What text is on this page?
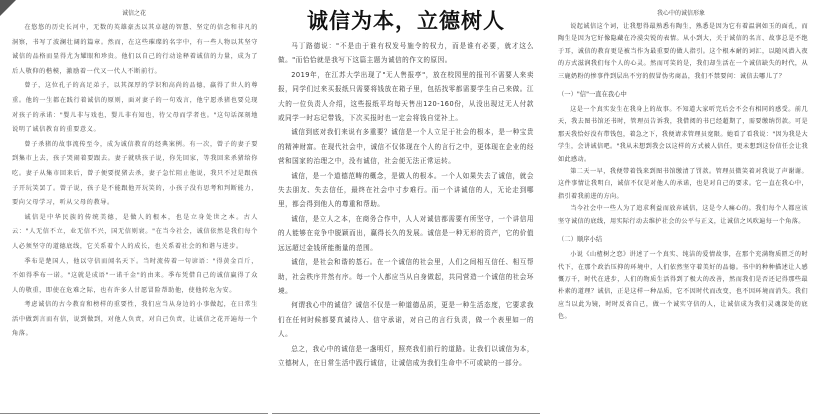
诚信之花

在悠悠的历史长河中，无数的英雄豪杰以其卓越的智慧、坚定的信念和非凡的洞察，书写了波澜壮阔的篇章。然而，在这些璀璨的名字中，有一些人物以其坚守诚信的品格而显得尤为耀眼和珍贵。他们以自己的行动诠释着诚信的力量，成为了后人敬仰的楷模，激励着一代又一代人不断前行。

曾子，这位孔子的高足弟子，以其深厚的学识和高尚的品德，赢得了世人的尊重。他的一生都在践行着诚信的原则，面对妻子的一句戏言，他宁愿杀猪也要兑现对孩子的承诺："婴儿非与戏也，婴儿非有知也，待父母而学者也。"这句话深刻地说明了诚信教育的重要意义。

曾子杀猪的故事流传至今，成为诚信教育的经典案例。有一次，曾子的妻子要到集市上去，孩子哭闹着要跟去。妻子就哄孩子说，你先回家，等我回来杀猪给你吃。妻子从集市回来后，曾子便要捉猪去杀，妻子急忙阻止他说，我只不过是跟孩子开玩笑罢了。曾子说，孩子是不能跟他开玩笑的，小孩子没有思考和判断能力，要向父母学习，听从父母的教导。

诚信是中华民族的传统美德，是做人的根本，也是立身处世之本。古人云："人无信不立，业无信不兴，国无信则衰。"在当今社会，诚信依然是我们每个人必须坚守的道德底线，它关系着个人的成长，也关系着社会的和谐与进步。

季布是楚国人，他以守信而闻名天下。当时流传着一句谚语："得黄金百斤，不如得季布一诺。"这就是成语"一诺千金"的由来。季布凭借自己的诚信赢得了众人的敬重，即使在危难之际，也有许多人甘愿冒险帮助他，使他转危为安。

考虑诚信的古今教育和榜样的重要性，我们应当从身边的小事做起，在日常生活中做到言而有信，说到做到，对他人负责，对自己负责，让诚信之花开遍每一个角落。

诚信为本，立德树人

马丁路德说："不是由于谁有权发号施令的权力，而是谁有必要，就才这么做。"而恰恰就是我写下这篇主题为诚信的作文的原因。

2019年，在江苏大学出现了"无人售报亭"，放在校园里的报刊不需要人来卖报，同学们过来买报纸只需要将钱放在箱子里，包括找零都需要学生自己来做。江大的一位负责人介绍，这些报纸平均每天售出120-160份，从没出现过无人付款或同学一时忘记带钱，下次买报时也一定会将钱自觉补上。

诚信到底对我们来说有多重要？诚信是一个人立足于社会的根本，是一种宝贵的精神财富。在现代社会中，诚信不仅体现在个人的言行之中，更体现在企业的经营和国家的治理之中，没有诚信，社会便无法正常运转。

诚信，是一个道德范畴的概念，是做人的根本。一个人如果失去了诚信，就会失去朋友、失去信任，最终在社会中寸步难行。而一个讲诚信的人，无论走到哪里，都会得到他人的尊重和帮助。

诚信，是立人之本，在商务合作中，人人对诚信都需要有所坚守，一个讲信用的人能够在竞争中脱颖而出，赢得长久的发展。诚信是一种无形的资产，它的价值远远超过金钱所能衡量的范围。

诚信，是社会和谐的基石。在一个诚信的社会里，人们之间相互信任、相互帮助，社会秩序井然有序。每一个人都应当从自身做起，共同营造一个诚信的社会环境。

何谓我心中的诚信？诚信不仅是一种道德品质，更是一种生活态度，它要求我们在任何时候都要真诚待人、信守承诺，对自己的言行负责，做一个表里如一的人。

总之，我心中的诚信是一盏明灯，照亮我们前行的道路。让我们以诚信为本，立德树人，在日常生活中践行诚信，让诚信成为我们生命中不可或缺的一部分。

我心中的诚信形象

说起诚信这个词，让我想得最熟悉有陶生，熟悉是因为它有着温润如玉的面孔，而陶生是因为它好像隐藏在冷漠尖锐的表情。从小到大，关于诚信的名言、故事总是不绝于耳，诚信的教育更是被当作为最重要的做人指引。这个根本耐的词汇，以随风潜入夜的方式滋润我们每个人的心灵。然而可笑的是，我们却生活在一个诚信缺失的时代，从三鹿奶粉的惨事件到层出不穷的假冒伪劣商品，我们不禁要问：诚信去哪儿了？

（一）"信"一直在我心中

这是一个真实发生在我身上的故事。不知道大家听完后会不会有相同的感受。前几天，我去图书馆还书时，管理员告诉我，我借阅的书已经超期了，需要缴纳罚款。可是那天我恰好没有带钱包，着急之下，我便请求管理员宽限。她看了看我说："因为我是大学生，会讲诚信吧。"我从未想到我会以这样的方式被人信任，更未想到这份信任会让我如此感动。

第二天一早，我便带着钱来到图书馆缴清了罚款。管理员微笑着对我说了声谢谢。这件事情让我明白，诚信不仅是对他人的承诺，也是对自己的要求。它一直在我心中，指引着我前进的方向。

当今社会中一些人为了追求利益而放弃诚信，这是令人痛心的。我们每个人都应该坚守诚信的底线，用实际行动去维护社会的公平与正义，让诚信之风吹遍每一个角落。

（二）顺序小结

小说《山楂树之恋》讲述了一个真实、纯洁的爱情故事，在那个充满物质匮乏的时代下，在那个政治压抑的环境中，人们依然坚守着美好的品德。书中的种种描述让人感慨万千，时代在进步，人们的物质生活得到了极大的改善，然而我们是否还记得那些最朴素的道理？诚信，正是这样一种品质，它不因时代而改变，也不因环境而消失。我们应当以此为镜，时时反省自己，做一个诚实守信的人，让诚信成为我们灵魂深处的底色。
